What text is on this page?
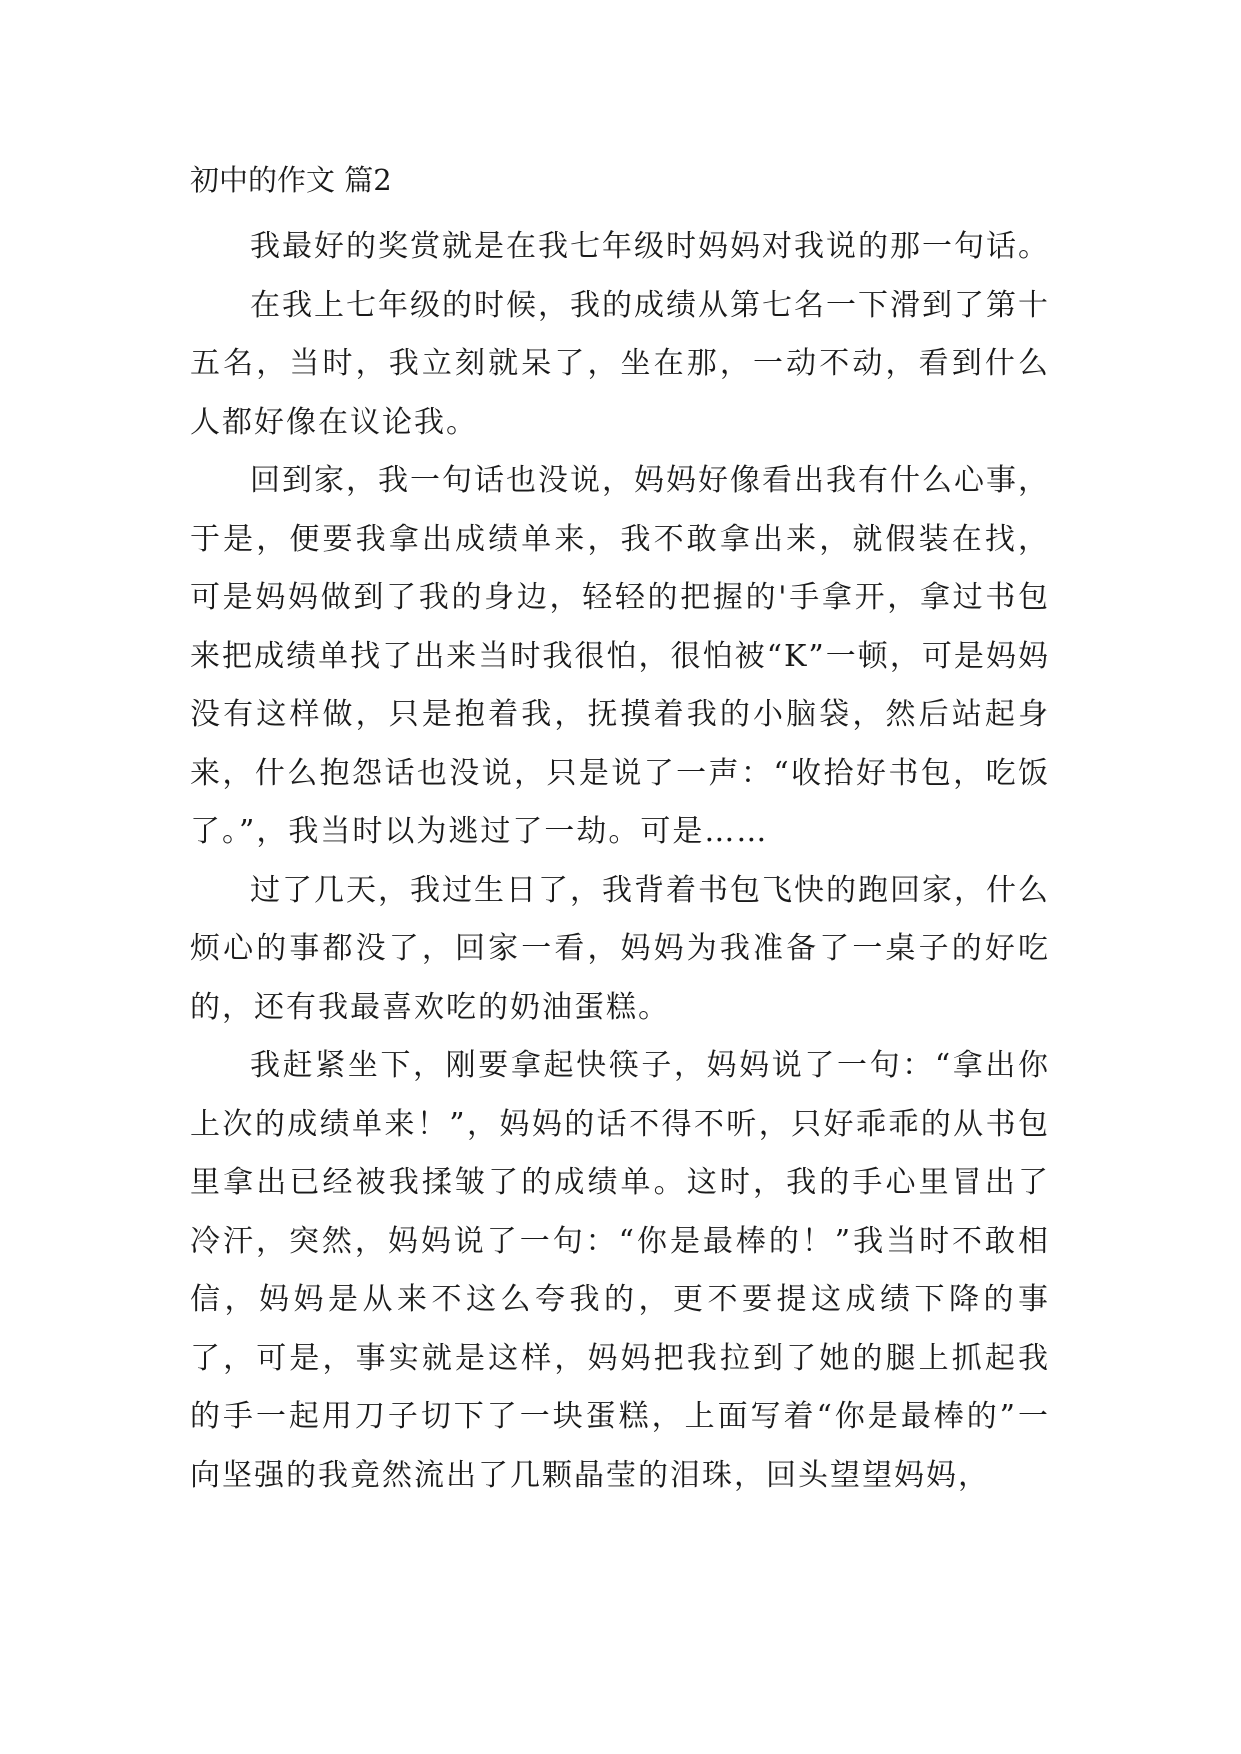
初中的作文 篇2

我最好的奖赏就是在我七年级时妈妈对我说的那一句话。

在我上七年级的时候，我的成绩从第七名一下滑到了第十五名，当时，我立刻就呆了，坐在那，一动不动，看到什么人都好像在议论我。

回到家，我一句话也没说，妈妈好像看出我有什么心事，于是，便要我拿出成绩单来，我不敢拿出来，就假装在找，可是妈妈做到了我的身边，轻轻的把握的'手拿开，拿过书包来把成绩单找了出来当时我很怕，很怕被“K”一顿，可是妈妈没有这样做，只是抱着我，抚摸着我的小脑袋，然后站起身来，什么抱怨话也没说，只是说了一声：“收拾好书包，吃饭了。”，我当时以为逃过了一劫。可是……

过了几天，我过生日了，我背着书包飞快的跑回家，什么烦心的事都没了，回家一看，妈妈为我准备了一桌子的好吃的，还有我最喜欢吃的奶油蛋糕。

我赶紧坐下，刚要拿起快筷子，妈妈说了一句：“拿出你上次的成绩单来！”，妈妈的话不得不听，只好乖乖的从书包里拿出已经被我揉皱了的成绩单。这时，我的手心里冒出了冷汗，突然，妈妈说了一句：“你是最棒的！”我当时不敢相信，妈妈是从来不这么夸我的，更不要提这成绩下降的事了，可是，事实就是这样，妈妈把我拉到了她的腿上抓起我的手一起用刀子切下了一块蛋糕，上面写着“你是最棒的”一向坚强的我竟然流出了几颗晶莹的泪珠，回头望望妈妈，
